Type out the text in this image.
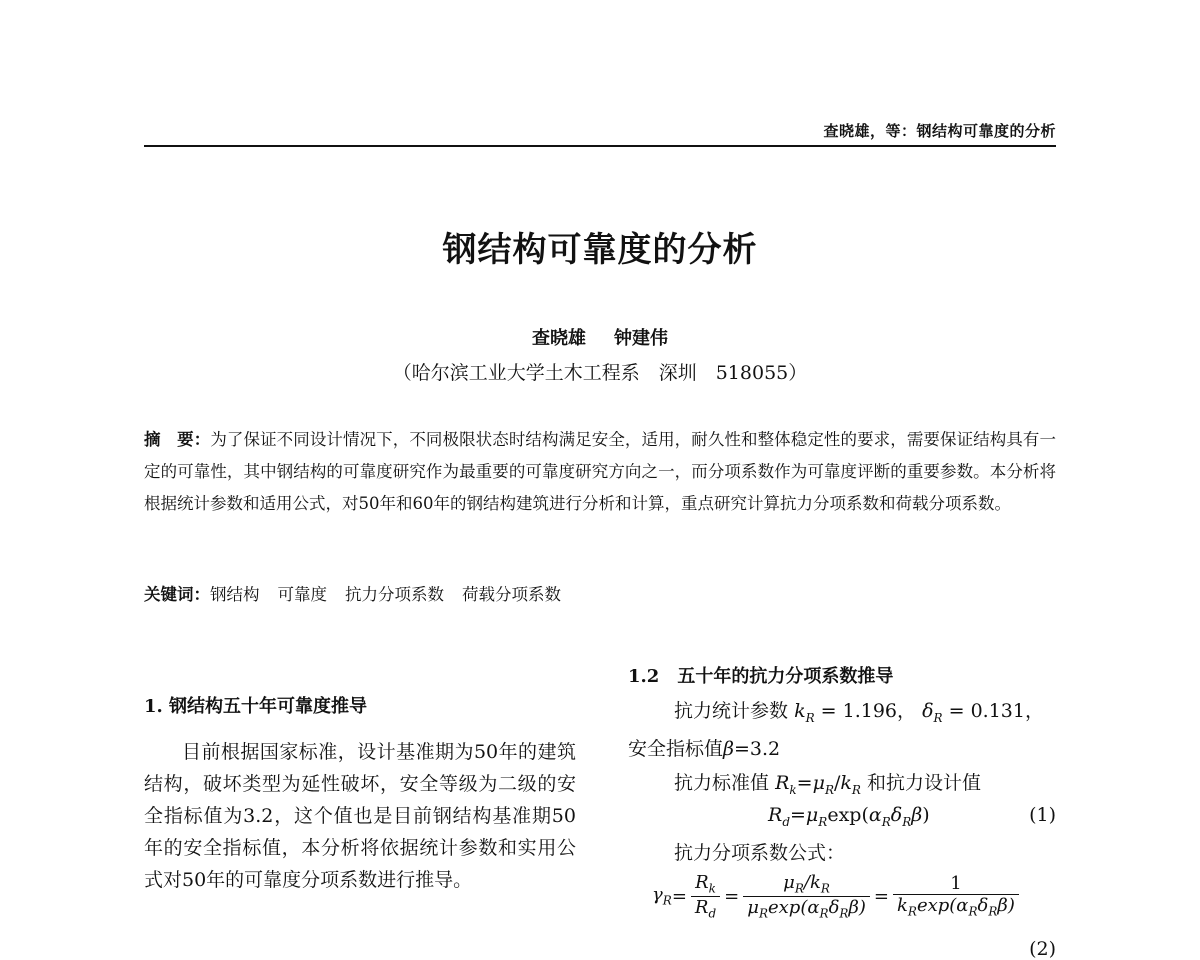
查晓雄，等：钢结构可靠度的分析
钢结构可靠度的分析
查晓雄 钟建伟
（哈尔滨工业大学土木工程系　深圳　518055）
摘　要：为了保证不同设计情况下，不同极限状态时结构满足安全，适用，耐久性和整体稳定性的要求，需要保证结构具有一定的可靠性，其中钢结构的可靠度研究作为最重要的可靠度研究方向之一，而分项系数作为可靠度评断的重要参数。本分析将根据统计参数和适用公式，对50年和60年的钢结构建筑进行分析和计算，重点研究计算抗力分项系数和荷载分项系数。
关键词：钢结构 可靠度 抗力分项系数 荷载分项系数
1. 钢结构五十年可靠度推导

目前根据国家标准，设计基准期为50年的建筑结构，破坏类型为延性破坏，安全等级为二级的安全指标值为3.2，这个值也是目前钢结构基准期50年的安全指标值，本分析将依据统计参数和实用公式对50年的可靠度分项系数进行推导。

1.2　五十年的抗力分项系数推导
抗力统计参数 $k_R = 1.196$， $\delta_R = 0.131$，
安全指标值β=3.2
抗力标准值 $R_k=\mu_R/k_R$ 和抗力设计值
$R_d=\mu_R\exp(\alpha_R\delta_R\beta)$	(1)
抗力分项系数公式：
$\gamma_R = \frac{R_k}{R_d} = \frac{\mu_R/k_R}{\mu_R\exp(\alpha_R\delta_R\beta)} = \frac{1}{k_R\exp(\alpha_R\delta_R\beta)}$
(2)
